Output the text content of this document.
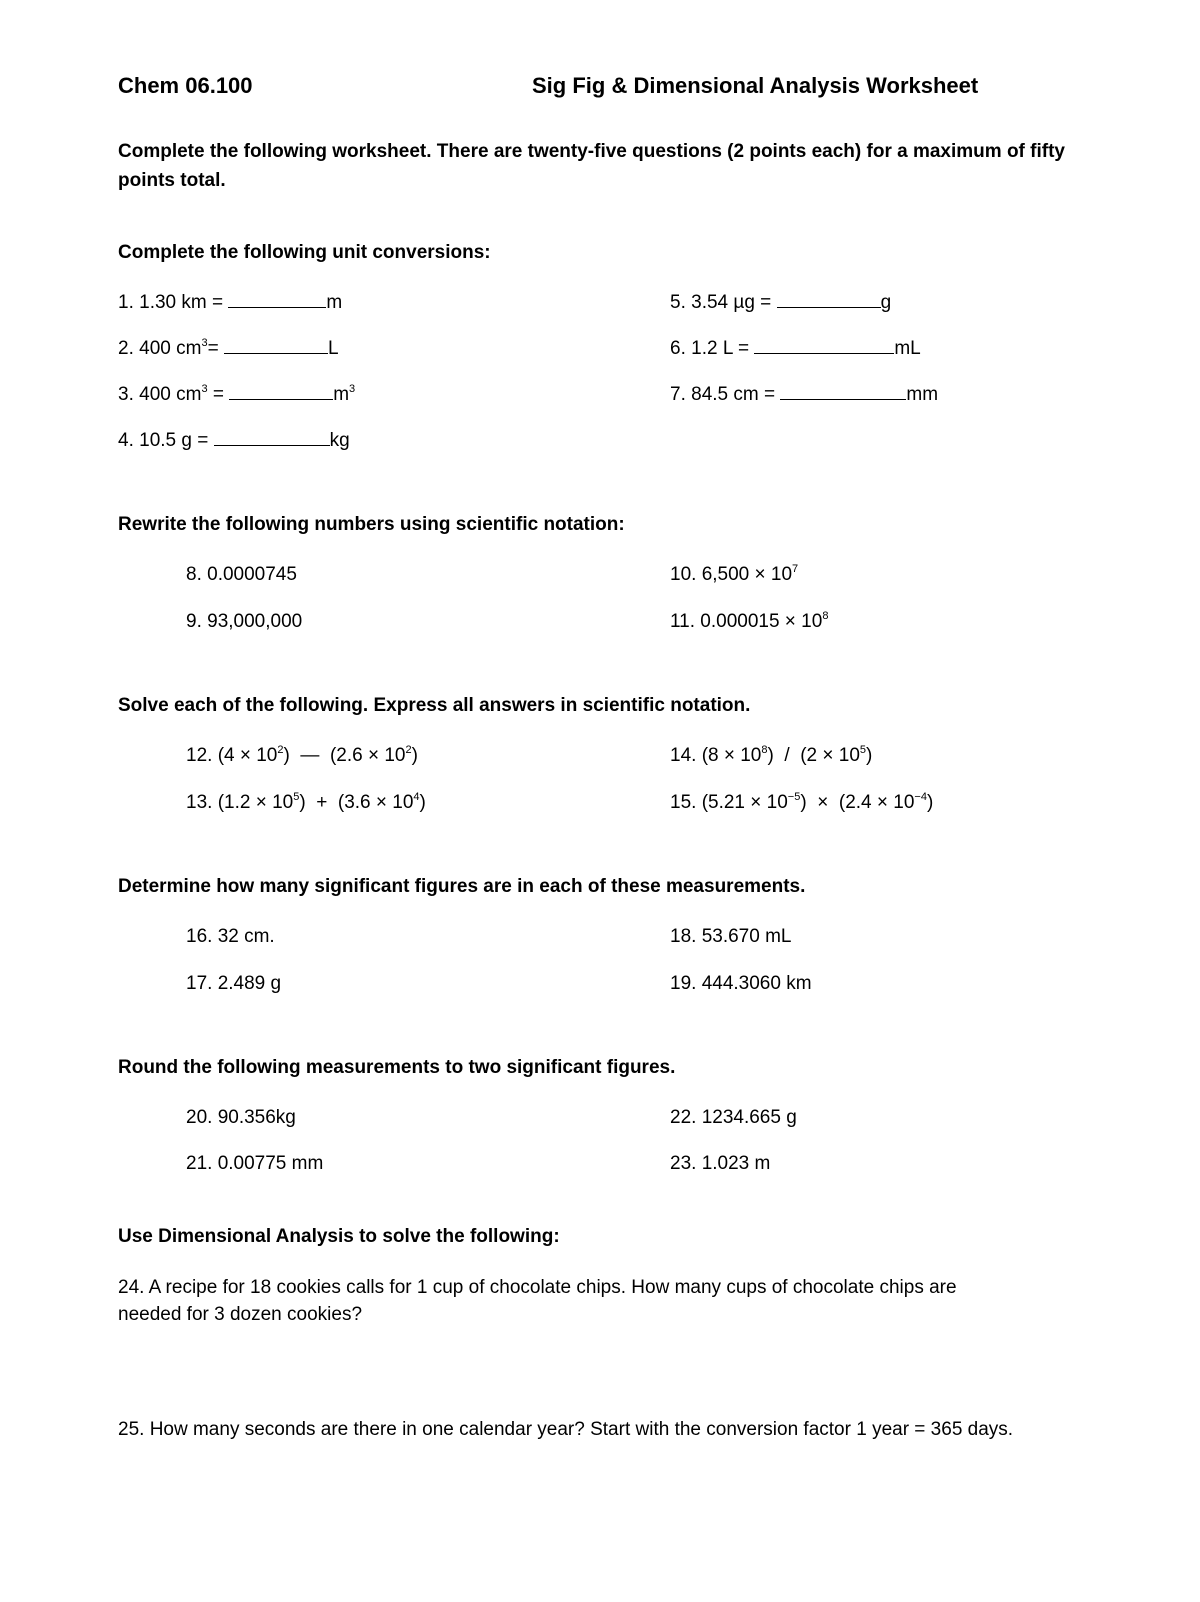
Chem 06.100	Sig Fig & Dimensional Analysis Worksheet
Complete the following worksheet. There are twenty-five questions (2 points each) for a maximum of fifty
points total.
Complete the following unit conversions:
1. 1.30 km =	m
2. 400 $cm^3=$	L
3. 400 $cm^3$ =	$m^3$
4. 10.5 g =	kg
5. 3.54 µg =	g
6. 1.2 L =	mL
7. 84.5 cm =	mm
Rewrite the following numbers using scientific notation:
8. 0.0000745
9. 93,000,000
10. $6,500 \times 10^7$
11. $0.000015 \times 10^8$
Solve each of the following. Express all answers in scientific notation.
12. $(4 \times 10^2)$  —  $(2.6 \times 10^2)$
13. $(1.2 \times 10^5) + (3.6 \times 10^4)$
14. $(8 \times 10^8) / (2 \times 10^5)$
15. $(5.21 \times 10^{-5}) \times (2.4 \times 10^{-4})$
Determine how many significant figures are in each of these measurements.
16. 32 cm.
17. 2.489 g
18. 53.670 mL
19. 444.3060 km
Round the following measurements to two significant figures.
20. 90.356kg
21. 0.00775 mm
22. 1234.665 g
23. 1.023 m
Use Dimensional Analysis to solve the following:
24. A recipe for 18 cookies calls for 1 cup of chocolate chips. How many cups of chocolate chips are
needed for 3 dozen cookies?
25. How many seconds are there in one calendar year? Start with the conversion factor 1 year = 365 days.
